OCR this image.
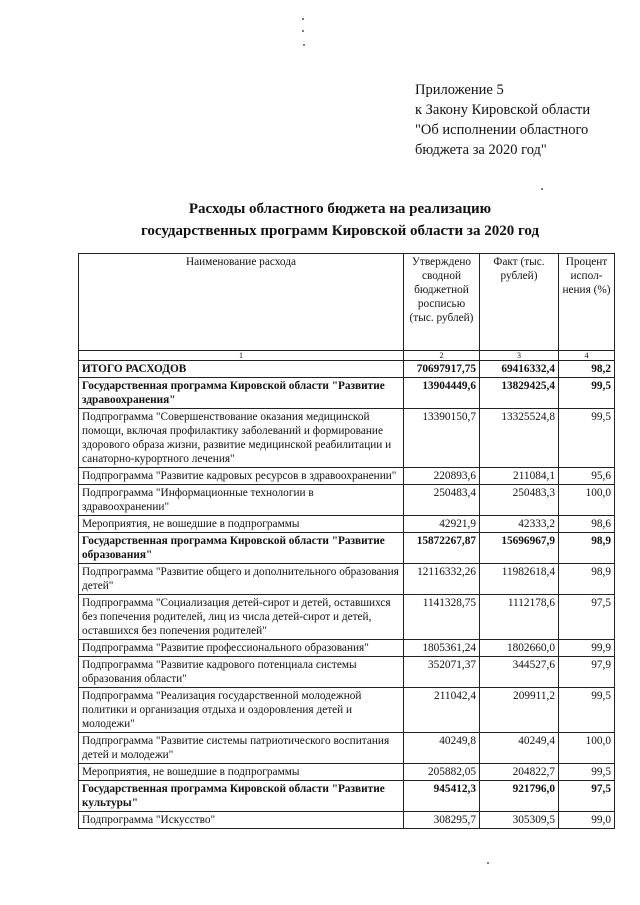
Приложение 5
к Закону Кировской области
"Об исполнении областного
бюджета за 2020 год"
Расходы областного бюджета на реализацию
государственных программ Кировской области за 2020 год
Наименование расхода	Утверждено сводной бюджетной росписью (тыс. рублей)	Факт (тыс. рублей)	Процент испол-нения (%)
1	2	3	4
ИТОГО РАСХОДОВ	70697917,75	69416332,4	98,2
Государственная программа Кировской области "Развитие здравоохранения"	13904449,6	13829425,4	99,5
Подпрограмма "Совершенствование оказания медицинской помощи, включая профилактику заболеваний и формирование здорового образа жизни, развитие медицинской реабилитации и санаторно-курортного лечения"	13390150,7	13325524,8	99,5
Подпрограмма "Развитие кадровых ресурсов в здравоохранении"	220893,6	211084,1	95,6
Подпрограмма "Информационные технологии в здравоохранении"	250483,4	250483,3	100,0
Мероприятия, не вошедшие в подпрограммы	42921,9	42333,2	98,6
Государственная программа Кировской области "Развитие образования"	15872267,87	15696967,9	98,9
Подпрограмма "Развитие общего и дополнительного образования детей"	12116332,26	11982618,4	98,9
Подпрограмма "Социализация детей-сирот и детей, оставшихся без попечения родителей, лиц из числа детей-сирот и детей, оставшихся без попечения родителей"	1141328,75	1112178,6	97,5
Подпрограмма "Развитие профессионального образования"	1805361,24	1802660,0	99,9
Подпрограмма "Развитие кадрового потенциала системы образования области"	352071,37	344527,6	97,9
Подпрограмма "Реализация государственной молодежной политики и организация отдыха и оздоровления детей и молодежи"	211042,4	209911,2	99,5
Подпрограмма "Развитие системы патриотического воспитания детей и молодежи"	40249,8	40249,4	100,0
Мероприятия, не вошедшие в подпрограммы	205882,05	204822,7	99,5
Государственная программа Кировской области "Развитие культуры"	945412,3	921796,0	97,5
Подпрограмма "Искусство"	308295,7	305309,5	99,0
